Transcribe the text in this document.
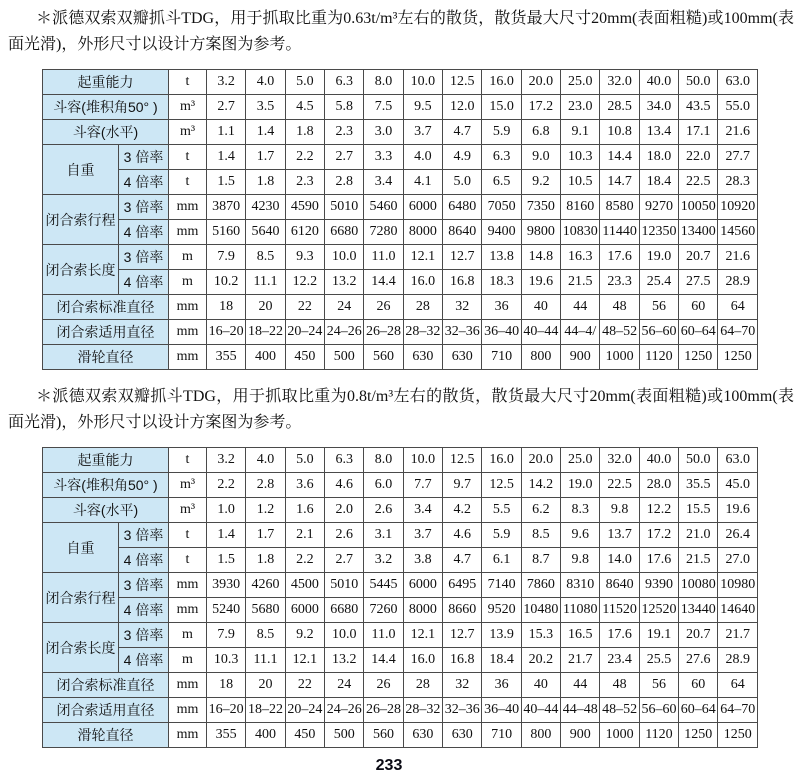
＊派德双索双瓣抓斗TDG，用于抓取比重为0.63t/m³左右的散货，散货最大尺寸20mm(表面粗糙)或100mm(表面光滑)，外形尺寸以设计方案图为参考。

起重能力		t	3.2	4.0	5.0	6.3	8.0	10.0	12.5	16.0	20.0	25.0	32.0	40.0	50.0	63.0
斗容(堆积角50° )		m³	2.7	3.5	4.5	5.8	7.5	9.5	12.0	15.0	17.2	23.0	28.5	34.0	43.5	55.0
斗容(水平)		m³	1.1	1.4	1.8	2.3	3.0	3.7	4.7	5.9	6.8	9.1	10.8	13.4	17.1	21.6
自重	3 倍率	t	1.4	1.7	2.2	2.7	3.3	4.0	4.9	6.3	9.0	10.3	14.4	18.0	22.0	27.7
	4 倍率	t	1.5	1.8	2.3	2.8	3.4	4.1	5.0	6.5	9.2	10.5	14.7	18.4	22.5	28.3
闭合索行程	3 倍率	mm	3870	4230	4590	5010	5460	6000	6480	7050	7350	8160	8580	9270	10050	10920
	4 倍率	mm	5160	5640	6120	6680	7280	8000	8640	9400	9800	10830	11440	12350	13400	14560
闭合索长度	3 倍率	m	7.9	8.5	9.3	10.0	11.0	12.1	12.7	13.8	14.8	16.3	17.6	19.0	20.7	21.6
	4 倍率	m	10.2	11.1	12.2	13.2	14.4	16.0	16.8	18.3	19.6	21.5	23.3	25.4	27.5	28.9
闭合索标准直径		mm	18	20	22	24	26	28	32	36	40	44	48	56	60	64
闭合索适用直径		mm	16–20	18–22	20–24	24–26	26–28	28–32	32–36	36–40	40–44	44–4/	48–52	56–60	60–64	64–70
滑轮直径		mm	355	400	450	500	560	630	630	710	800	900	1000	1120	1250	1250

＊派德双索双瓣抓斗TDG，用于抓取比重为0.8t/m³左右的散货，散货最大尺寸20mm(表面粗糙)或100mm(表面光滑)，外形尺寸以设计方案图为参考。

起重能力		t	3.2	4.0	5.0	6.3	8.0	10.0	12.5	16.0	20.0	25.0	32.0	40.0	50.0	63.0
斗容(堆积角50° )		m³	2.2	2.8	3.6	4.6	6.0	7.7	9.7	12.5	14.2	19.0	22.5	28.0	35.5	45.0
斗容(水平)		m³	1.0	1.2	1.6	2.0	2.6	3.4	4.2	5.5	6.2	8.3	9.8	12.2	15.5	19.6
自重	3 倍率	t	1.4	1.7	2.1	2.6	3.1	3.7	4.6	5.9	8.5	9.6	13.7	17.2	21.0	26.4
	4 倍率	t	1.5	1.8	2.2	2.7	3.2	3.8	4.7	6.1	8.7	9.8	14.0	17.6	21.5	27.0
闭合索行程	3 倍率	mm	3930	4260	4500	5010	5445	6000	6495	7140	7860	8310	8640	9390	10080	10980
	4 倍率	mm	5240	5680	6000	6680	7260	8000	8660	9520	10480	11080	11520	12520	13440	14640
闭合索长度	3 倍率	m	7.9	8.5	9.2	10.0	11.0	12.1	12.7	13.9	15.3	16.5	17.6	19.1	20.7	21.7
	4 倍率	m	10.3	11.1	12.1	13.2	14.4	16.0	16.8	18.4	20.2	21.7	23.4	25.5	27.6	28.9
闭合索标准直径		mm	18	20	22	24	26	28	32	36	40	44	48	56	60	64
闭合索适用直径		mm	16–20	18–22	20–24	24–26	26–28	28–32	32–36	36–40	40–44	44–48	48–52	56–60	60–64	64–70
滑轮直径		mm	355	400	450	500	560	630	630	710	800	900	1000	1120	1250	1250
233
